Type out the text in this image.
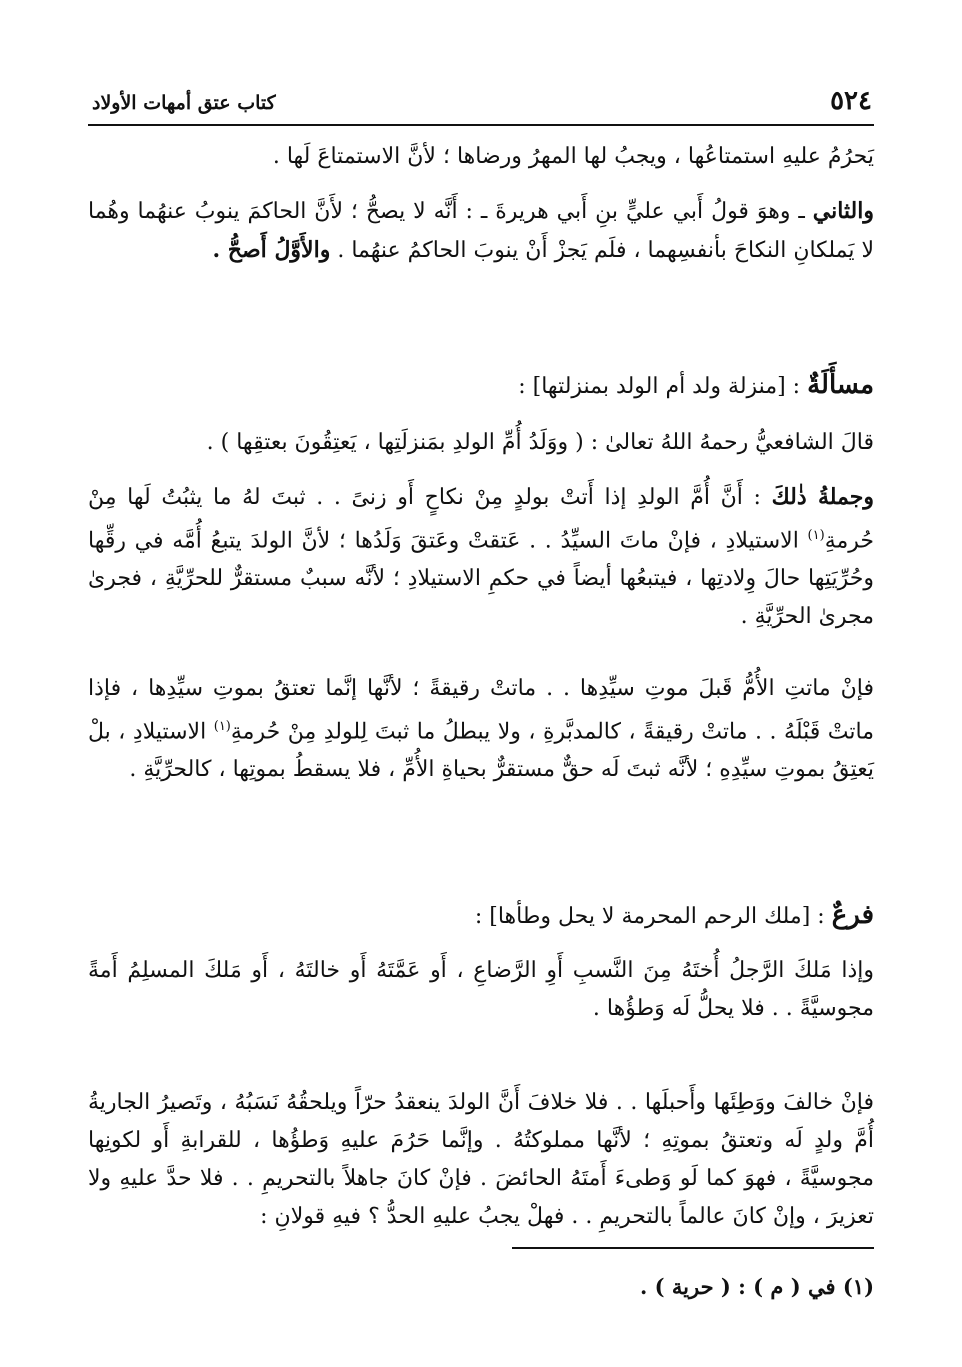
٥٢٤
كتاب عتق أمهات الأولاد

يَحرُمُ عليهِ استمتاعُها ، ويجبُ لها المهرُ ورضاها ؛ لأنَّ الاستمتاعَ لَها .

والثاني ـ وهوَ قولُ أَبي عليٍّ بنِ أَبي هريرةَ ـ : أَنَّه لا يصحُّ ؛ لأَنَّ الحاكمَ ينوبُ عنهُما وهُما لا يَملكانِ النكاحَ بأنفسِهما ، فلَم يَجزْ أَنْ ينوبَ الحاكمُ عنهُما . والأَوَّلُ أَصحُّ .

مسأَلَةٌ : [منزلة ولد أم الولد بمنزلتها] :

قالَ الشافعيُّ رحمهُ اللهُ تعالىٰ : ( ووَلَدُ أُمِّ الولدِ بمَنزلَتِها ، يَعتِقُونَ بعتقِها ) .

وجملةُ ذٰلكَ : أَنَّ أُمَّ الولدِ إذا أَتتْ بولدٍ مِنْ نكاحٍ أَو زنىً . . ثبتَ لهُ ما يثبُتُ لَها مِنْ حُرمةِ$^{(١)}$ الاستيلادِ ، فإنْ ماتَ السيِّدُ . . عَتقتْ وعَتقَ وَلَدُها ؛ لأنَّ الولدَ يتبعُ أُمَّه في رقِّها وحُرِّيَتِها حالَ وِلادتِها ، فيتبعُها أيضاً في حكمِ الاستيلادِ ؛ لأنَّه سببٌ مستقرٌّ للحرِّيَّةِ ، فجرىٰ مجرىٰ الحرِّيَّةِ .

فإنْ ماتتِ الأُمُّ قَبلَ موتِ سيِّدِها . . ماتتْ رقيقةً ؛ لأنَّها إنَّما تعتقُ بموتِ سيِّدِها ، فإذا ماتتْ قَبْلَهُ . . ماتتْ رقيقةً ، كالمدبَّرةِ ، ولا يبطلُ ما ثبتَ لِلولدِ مِنْ حُرمةِ$^{(١)}$ الاستيلادِ ، بلْ يَعتِقُ بموتِ سيِّدِهِ ؛ لأنَّه ثبتَ لَه حقٌّ مستقرٌّ بحياةِ الأُمِّ ، فلا يسقطُ بموتِها ، كالحرِّيَّةِ .

فرعٌ : [ملك الرحم المحرمة لا يحل وطأها] :

وإذا مَلكَ الرَّجلُ أُختَهُ مِنَ النَّسبِ أَوِ الرَّضاعِ ، أَو عَمَّتَهُ أَو خالتَهُ ، أَو مَلكَ المسلِمُ أَمةً مجوسيَّةً . . فلا يحلُّ لَه وَطؤُها .

فإنْ خالفَ ووَطِئَها وأَحبلَها . . فلا خلافَ أَنَّ الولدَ ينعقدُ حرّاً ويلحقُهُ نَسَبُهُ ، وتَصيرُ الجاريةُ أُمَّ ولدٍ لَه وتعتقُ بموتِهِ ؛ لأنَّها مملوكتُهُ . وإنَّما حَرُمَ عليهِ وَطؤُها ، للقرابةِ أَو لكونِها مجوسيَّةً ، فهوَ كما لَو وَطىءَ أَمتَهُ الحائضَ . فإنْ كانَ جاهلاً بالتحريمِ . . فلا حدَّ عليهِ ولا تعزيرَ ، وإنْ كانَ عالماً بالتحريمِ . . فهلْ يجبُ عليهِ الحدُّ ؟ فيهِ قولانِ :

(١) في ( م ) : ( حرية ) .
